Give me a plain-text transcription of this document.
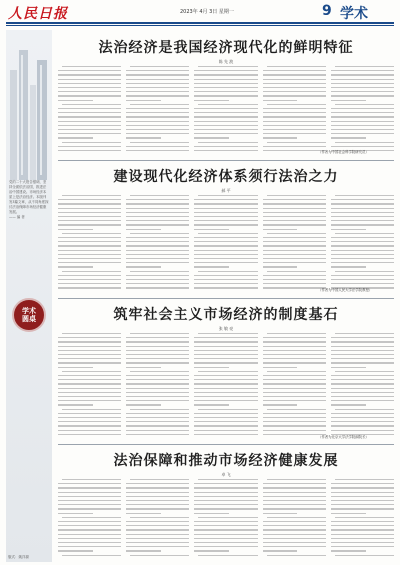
人民日报	2023年 4月 3日 星期一	9 学术
党的二十大报告强调，坚持全面依法治国，推进法治中国建设。市场经济本质上是法治经济。本版刊发3篇文章，从不同角度探讨法治保障市场经济健康发展。
—— 编 者
学术圆桌
版式：姚洋源
法治经济是我国经济现代化的鲜明特征
陈 先 波
建设现代化经济体系须行法治之力
郝 平
筑牢社会主义市场经济的制度基石
张 敏 亮
法治保障和推动市场经济健康发展
卓 飞
（作者为中国社会科学院研究员）
（作者为中国人民大学法学院教授）
（作者为北京大学法学院副院长）
